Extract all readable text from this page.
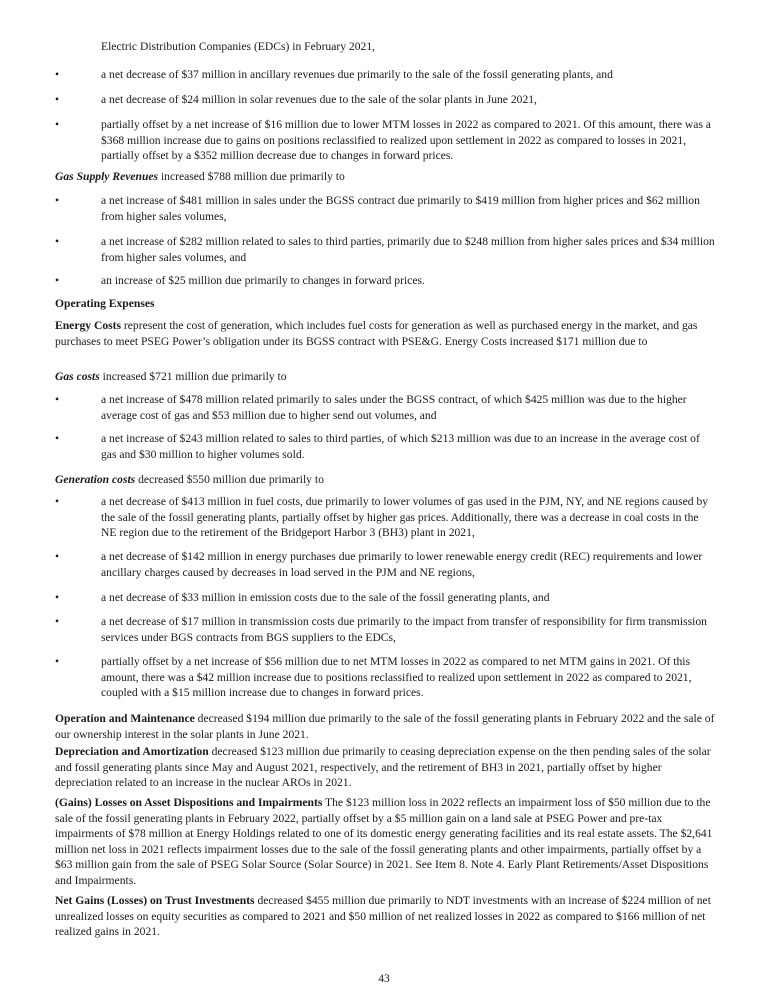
Electric Distribution Companies (EDCs) in February 2021,
•	a net decrease of $37 million in ancillary revenues due primarily to the sale of the fossil generating plants, and
•	a net decrease of $24 million in solar revenues due to the sale of the solar plants in June 2021,
•	partially offset by a net increase of $16 million due to lower MTM losses in 2022 as compared to 2021. Of this amount, there was a $368 million increase due to gains on positions reclassified to realized upon settlement in 2022 as compared to losses in 2021, partially offset by a $352 million decrease due to changes in forward prices.
Gas Supply Revenues increased $788 million due primarily to
•	a net increase of $481 million in sales under the BGSS contract due primarily to $419 million from higher prices and $62 million from higher sales volumes,
•	a net increase of $282 million related to sales to third parties, primarily due to $248 million from higher sales prices and $34 million from higher sales volumes, and
•	an increase of $25 million due primarily to changes in forward prices.
Operating Expenses
Energy Costs represent the cost of generation, which includes fuel costs for generation as well as purchased energy in the market, and gas purchases to meet PSEG Power’s obligation under its BGSS contract with PSE&G. Energy Costs increased $171 million due to
Gas costs increased $721 million due primarily to
•	a net increase of $478 million related primarily to sales under the BGSS contract, of which $425 million was due to the higher average cost of gas and $53 million due to higher send out volumes, and
•	a net increase of $243 million related to sales to third parties, of which $213 million was due to an increase in the average cost of gas and $30 million to higher volumes sold.
Generation costs decreased $550 million due primarily to
•	a net decrease of $413 million in fuel costs, due primarily to lower volumes of gas used in the PJM, NY, and NE regions caused by the sale of the fossil generating plants, partially offset by higher gas prices. Additionally, there was a decrease in coal costs in the NE region due to the retirement of the Bridgeport Harbor 3 (BH3) plant in 2021,
•	a net decrease of $142 million in energy purchases due primarily to lower renewable energy credit (REC) requirements and lower ancillary charges caused by decreases in load served in the PJM and NE regions,
•	a net decrease of $33 million in emission costs due to the sale of the fossil generating plants, and
•	a net decrease of $17 million in transmission costs due primarily to the impact from transfer of responsibility for firm transmission services under BGS contracts from BGS suppliers to the EDCs,
•	partially offset by a net increase of $56 million due to net MTM losses in 2022 as compared to net MTM gains in 2021. Of this amount, there was a $42 million increase due to positions reclassified to realized upon settlement in 2022 as compared to 2021, coupled with a $15 million increase due to changes in forward prices.
Operation and Maintenance decreased $194 million due primarily to the sale of the fossil generating plants in February 2022 and the sale of our ownership interest in the solar plants in June 2021.
Depreciation and Amortization decreased $123 million due primarily to ceasing depreciation expense on the then pending sales of the solar and fossil generating plants since May and August 2021, respectively, and the retirement of BH3 in 2021, partially offset by higher depreciation related to an increase in the nuclear AROs in 2021.
(Gains) Losses on Asset Dispositions and Impairments The $123 million loss in 2022 reflects an impairment loss of $50 million due to the sale of the fossil generating plants in February 2022, partially offset by a $5 million gain on a land sale at PSEG Power and pre-tax impairments of $78 million at Energy Holdings related to one of its domestic energy generating facilities and its real estate assets. The $2,641 million net loss in 2021 reflects impairment losses due to the sale of the fossil generating plants and other impairments, partially offset by a $63 million gain from the sale of PSEG Solar Source (Solar Source) in 2021. See Item 8. Note 4. Early Plant Retirements/Asset Dispositions and Impairments.
Net Gains (Losses) on Trust Investments decreased $455 million due primarily to NDT investments with an increase of $224 million of net unrealized losses on equity securities as compared to 2021 and $50 million of net realized losses in 2022 as compared to $166 million of net realized gains in 2021.
43
